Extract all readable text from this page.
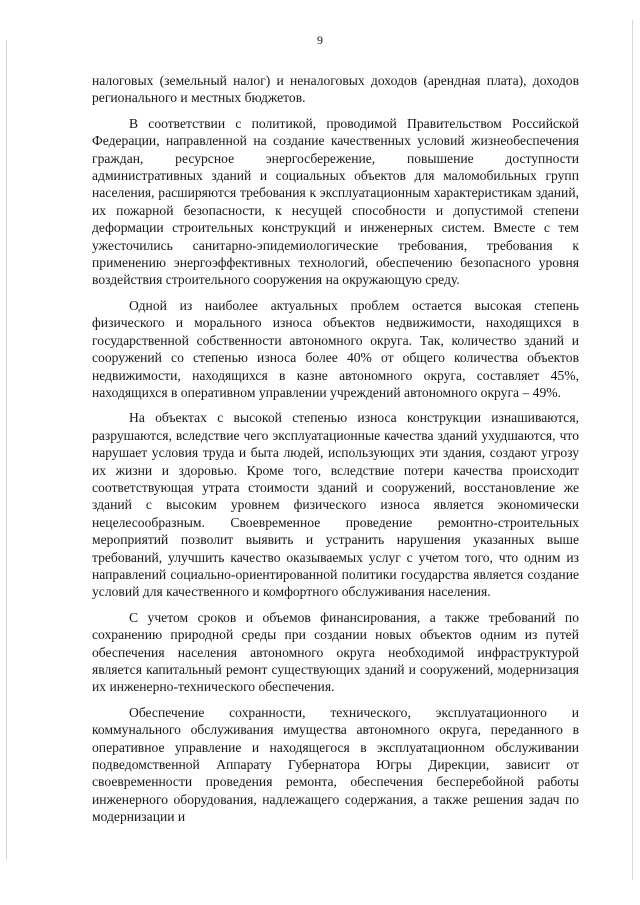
9

налоговых (земельный налог) и неналоговых доходов (арендная плата), доходов регионального и местных бюджетов.

В соответствии с политикой, проводимой Правительством Российской Федерации, направленной на создание качественных условий жизнеобеспечения граждан, ресурсное энергосбережение, повышение доступности административных зданий и социальных объектов для маломобильных групп населения, расширяются требования к эксплуатационным характеристикам зданий, их пожарной безопасности, к несущей способности и допустимой степени деформации строительных конструкций и инженерных систем. Вместе с тем ужесточились санитарно-эпидемиологические требования, требования к применению энергоэффективных технологий, обеспечению безопасного уровня воздействия строительного сооружения на окружающую среду.

Одной из наиболее актуальных проблем остается высокая степень физического и морального износа объектов недвижимости, находящихся в государственной собственности автономного округа. Так, количество зданий и сооружений со степенью износа более 40% от общего количества объектов недвижимости, находящихся в казне автономного округа, составляет 45%, находящихся в оперативном управлении учреждений автономного округа – 49%.

На объектах с высокой степенью износа конструкции изнашиваются, разрушаются, вследствие чего эксплуатационные качества зданий ухудшаются, что нарушает условия труда и быта людей, использующих эти здания, создают угрозу их жизни и здоровью. Кроме того, вследствие потери качества происходит соответствующая утрата стоимости зданий и сооружений, восстановление же зданий с высоким уровнем физического износа является экономически нецелесообразным. Своевременное проведение ремонтно-строительных мероприятий позволит выявить и устранить нарушения указанных выше требований, улучшить качество оказываемых услуг с учетом того, что одним из направлений социально-ориентированной политики государства является создание условий для качественного и комфортного обслуживания населения.

С учетом сроков и объемов финансирования, а также требований по сохранению природной среды при создании новых объектов одним из путей обеспечения населения автономного округа необходимой инфраструктурой является капитальный ремонт существующих зданий и сооружений, модернизация их инженерно-технического обеспечения.

Обеспечение сохранности, технического, эксплуатационного и коммунального обслуживания имущества автономного округа, переданного в оперативное управление и находящегося в эксплуатационном обслуживании подведомственной Аппарату Губернатора Югры Дирекции, зависит от своевременности проведения ремонта, обеспечения бесперебойной работы инженерного оборудования, надлежащего содержания, а также решения задач по модернизации и
